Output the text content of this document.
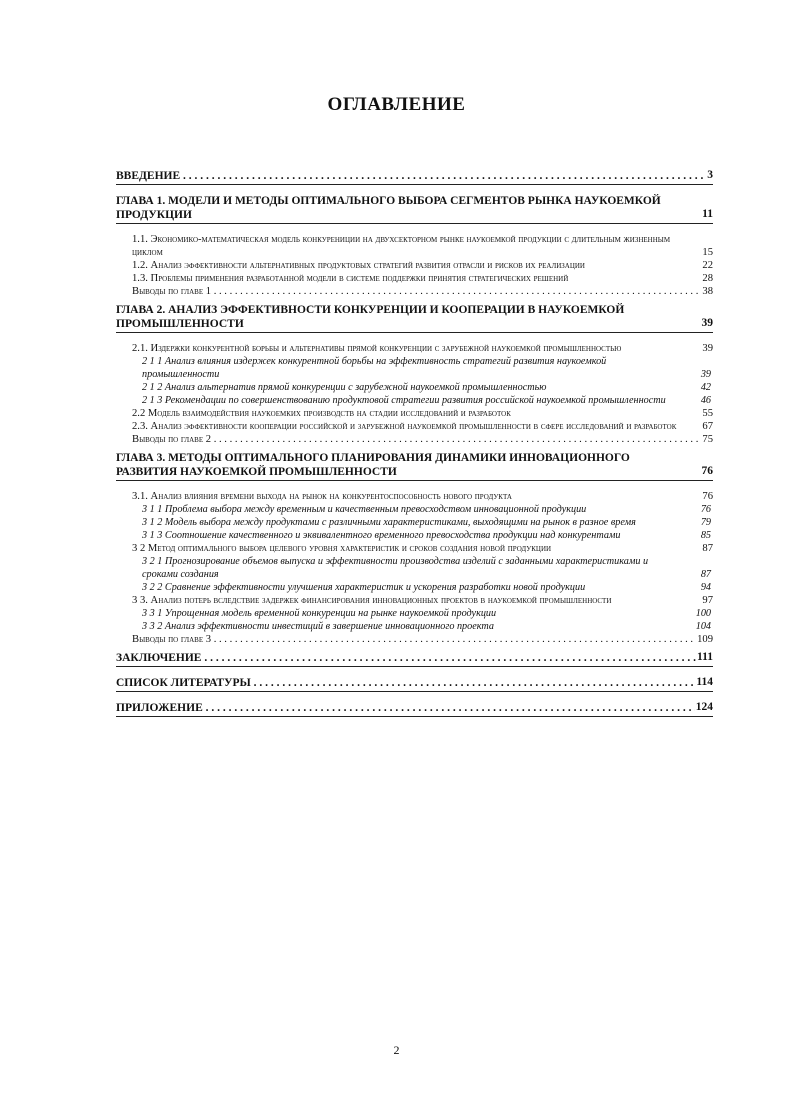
ОГЛАВЛЕНИЕ
ВВЕДЕНИЕ . . .	3
ГЛАВА 1. МОДЕЛИ И МЕТОДЫ ОПТИМАЛЬНОГО ВЫБОРА СЕГМЕНТОВ РЫНКА НАУКОЕМКОЙ ПРОДУКЦИИ	11
1.1. Экономико-математическая модель конкурениции на двухсекторном рынке наукоемкой продукции с длительным жизненным циклом	15
1.2. Анализ эффективности альтернативных продуктовых стратегий развития отрасли и рисков их реализации	22
1.3. Проблемы применения разработанной модели в системе поддержки принятия стратегических решений	28
Выводы по главе 1 . . .	38
ГЛАВА 2. АНАЛИЗ ЭФФЕКТИВНОСТИ КОНКУРЕНЦИИ И КООПЕРАЦИИ В НАУКОЕМКОЙ ПРОМЫШЛЕННОСТИ	39
2.1. Издержки конкурентной борьбы и альтернативы прямой конкуренции с зарубежной наукоемкой промышленностью	39
2 1 1 Анализ влияния издержек конкурентной борьбы на эффективность стратегий развития наукоемкой промышленности	39
2 1 2 Анализ альтернатив прямой конкуренции с зарубежной наукоемкой промышленностью	42
2 1 3 Рекомендации по совершенствованию продуктовой стратегии развития российской наукоемкой промышленности	46
2.2 Модель взаимодействия наукоемких производств на стадии исследований и разработок	55
2.3. Анализ эффективности кооперации российской и зарубежной наукоемкой промышленности в сфере исследований и разработок	67
Выводы по главе 2 . . .	75
ГЛАВА 3. МЕТОДЫ ОПТИМАЛЬНОГО ПЛАНИРОВАНИЯ ДИНАМИКИ ИННОВАЦИОННОГО РАЗВИТИЯ НАУКОЕМКОЙ ПРОМЫШЛЕННОСТИ	76
3.1. Анализ влияния времени выхода на рынок на конкурентоспособность нового продукта	76
3 1 1 Проблема выбора между временным и качественным превосходством инновационной продукции	76
3 1 2 Модель выбора между продуктами с различными характеристиками, выходящими на рынок в разное время	79
3 1 3 Соотношение качественного и эквивалентного временного превосходства продукции над конкурентами	85
3 2 Метод оптимального выбора целевого уровня характеристик и сроков создания новой продукции	87
3 2 1 Прогнозирование объемов выпуска и эффективности производства изделий с заданными характеристиками и сроками создания	87
3 2 2 Сравнение эффективности улучшения характеристик и ускорения разработки новой продукции	94
3 3. Анализ потерь вследствие задержек финансирования инновационных проектов в наукоемкой промышленности	97
3 3 1 Упрощенная модель временной конкуренции на рынке наукоемкой продукции	100
3 3 2 Анализ эффективности инвестиций в завершение инновационного проекта	104
Выводы по главе 3 . . .	109
ЗАКЛЮЧЕНИЕ . . .	111
СПИСОК ЛИТЕРАТУРЫ . . .	114
ПРИЛОЖЕНИЕ . . .	124
2
